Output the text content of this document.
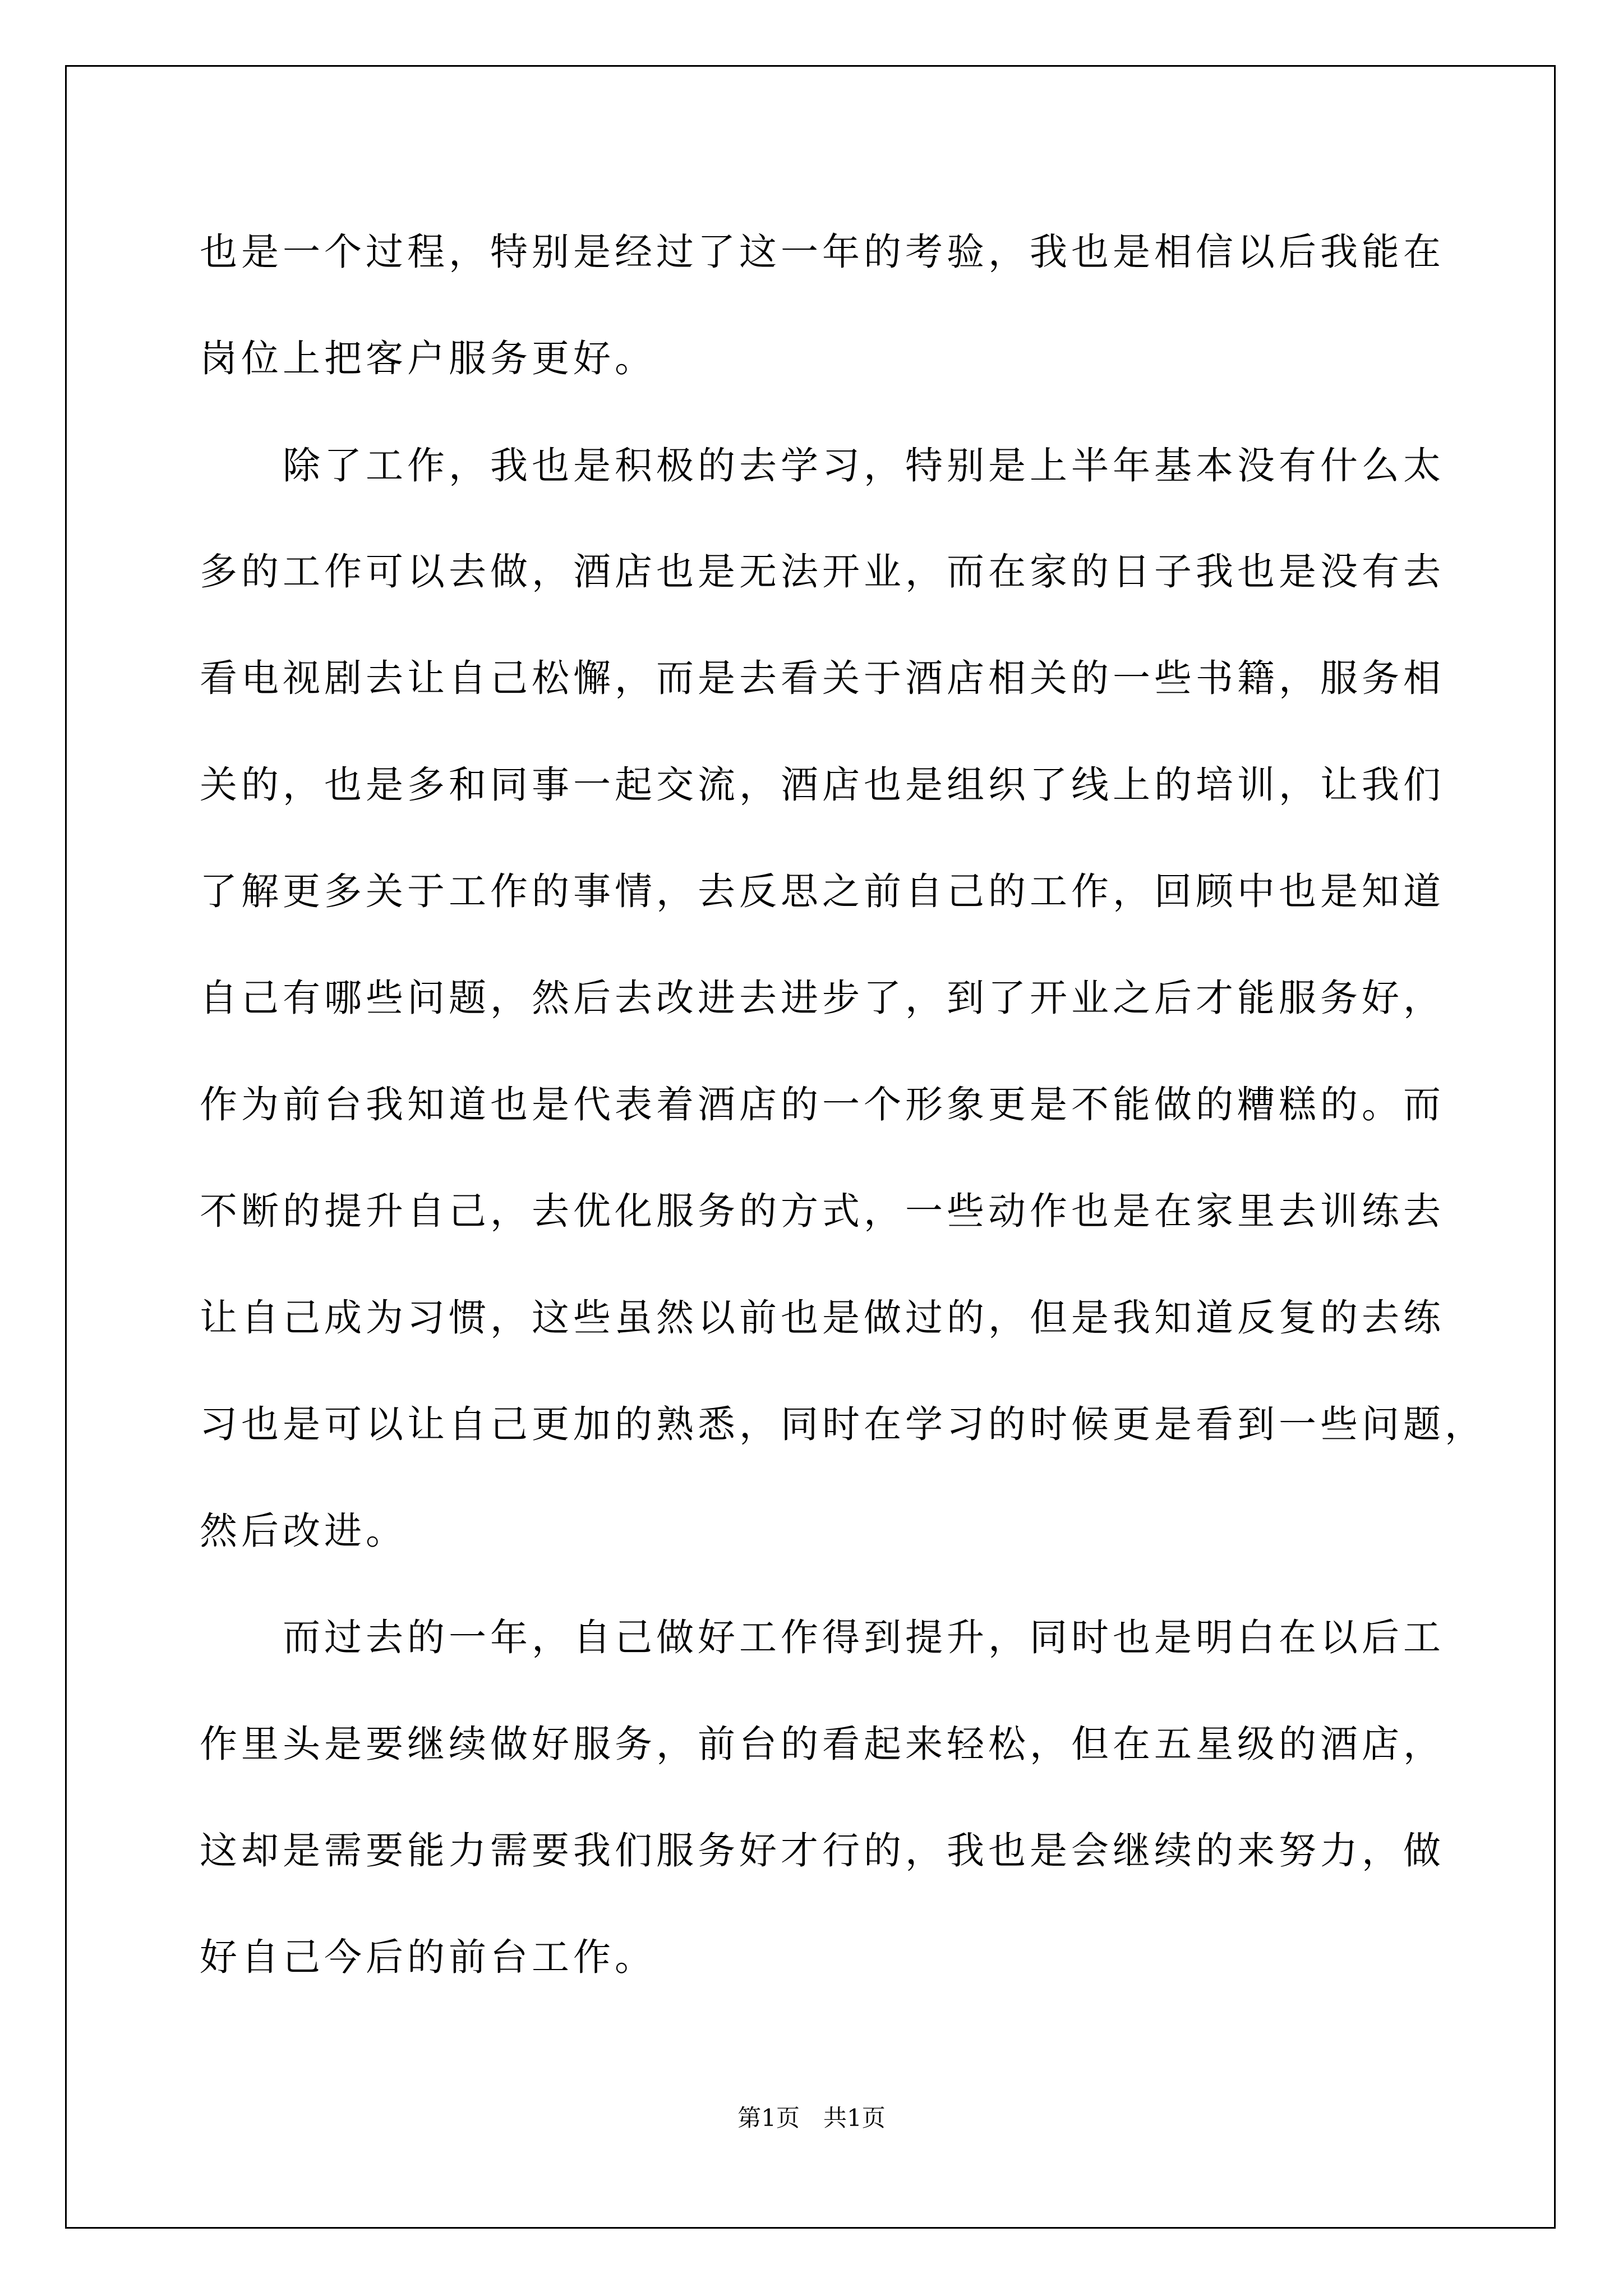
也是一个过程，特别是经过了这一年的考验，我也是相信以后我能在
岗位上把客户服务更好。
　　除了工作，我也是积极的去学习，特别是上半年基本没有什么太
多的工作可以去做，酒店也是无法开业，而在家的日子我也是没有去
看电视剧去让自己松懈，而是去看关于酒店相关的一些书籍，服务相
关的，也是多和同事一起交流，酒店也是组织了线上的培训，让我们
了解更多关于工作的事情，去反思之前自己的工作，回顾中也是知道
自己有哪些问题，然后去改进去进步了，到了开业之后才能服务好，
作为前台我知道也是代表着酒店的一个形象更是不能做的糟糕的。而
不断的提升自己，去优化服务的方式，一些动作也是在家里去训练去
让自己成为习惯，这些虽然以前也是做过的，但是我知道反复的去练
习也是可以让自己更加的熟悉，同时在学习的时候更是看到一些问题，
然后改进。
　　而过去的一年，自己做好工作得到提升，同时也是明白在以后工
作里头是要继续做好服务，前台的看起来轻松，但在五星级的酒店，
这却是需要能力需要我们服务好才行的，我也是会继续的来努力，做
好自己今后的前台工作。
第1页　共1页
